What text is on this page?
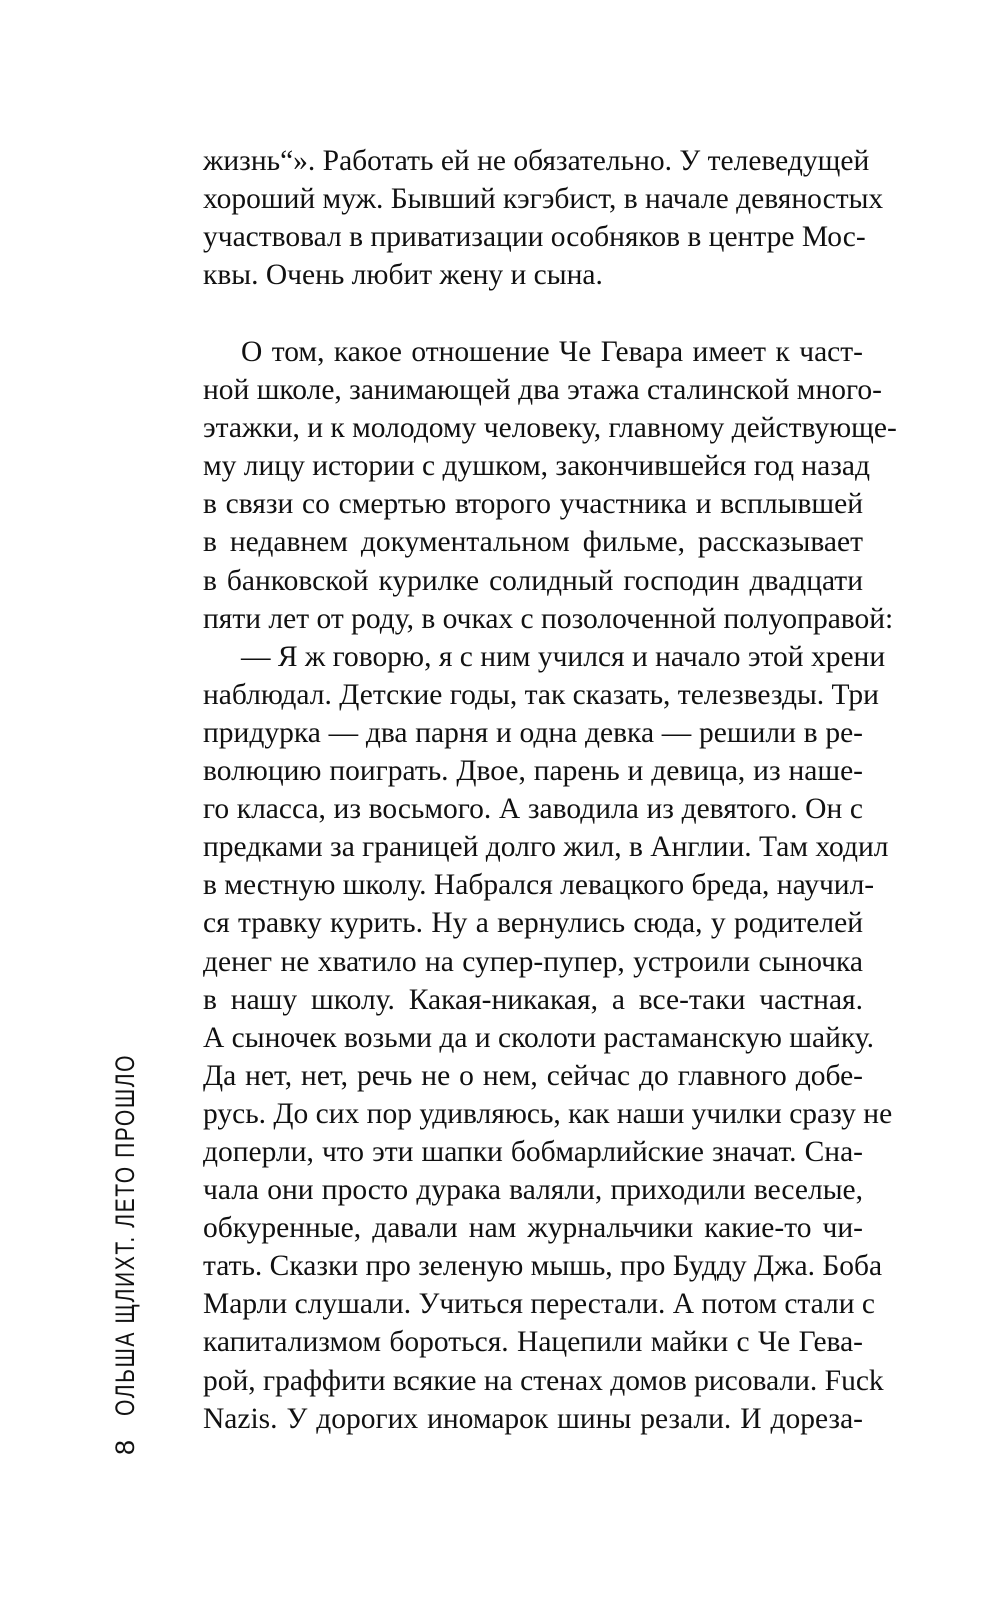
жизнь“». Работать ей не обязательно. У телеведущей
хороший муж. Бывший кэгэбист, в начале девяностых
участвовал в приватизации особняков в центре Мос-
квы. Очень любит жену и сына.
О том, какое отношение Че Гевара имеет к част-
ной школе, занимающей два этажа сталинской много-
этажки, и к молодому человеку, главному действующе-
му лицу истории с душком, закончившейся год назад
в связи со смертью второго участника и всплывшей
в недавнем документальном фильме, рассказывает
в банковской курилке солидный господин двадцати
пяти лет от роду, в очках с позолоченной полуоправой:
— Я ж говорю, я с ним учился и начало этой хрени
наблюдал. Детские годы, так сказать, телезвезды. Три
придурка — два парня и одна девка — решили в ре-
волюцию поиграть. Двое, парень и девица, из наше-
го класса, из восьмого. А заводила из девятого. Он с
предками за границей долго жил, в Англии. Там ходил
в местную школу. Набрался левацкого бреда, научил-
ся травку курить. Ну а вернулись сюда, у родителей
денег не хватило на супер-пупер, устроили сыночка
в нашу школу. Какая-никакая, а все-таки частная.
А сыночек возьми да и сколоти растаманскую шайку.
Да нет, нет, речь не о нем, сейчас до главного добе-
русь. До сих пор удивляюсь, как наши училки сразу не
доперли, что эти шапки бобмарлийские значат. Сна-
чала они просто дурака валяли, приходили веселые,
обкуренные, давали нам журнальчики какие-то чи-
тать. Сказки про зеленую мышь, про Будду Джа. Боба
Марли слушали. Учиться перестали. А потом стали с
капитализмом бороться. Нацепили майки с Че Гева-
рой, граффити всякие на стенах домов рисовали. Fuck
Nazis. У дорогих иномарок шины резали. И дореза-
8
ОЛЬША ЩЛИХТ. ЛЕТО ПРОШЛО
